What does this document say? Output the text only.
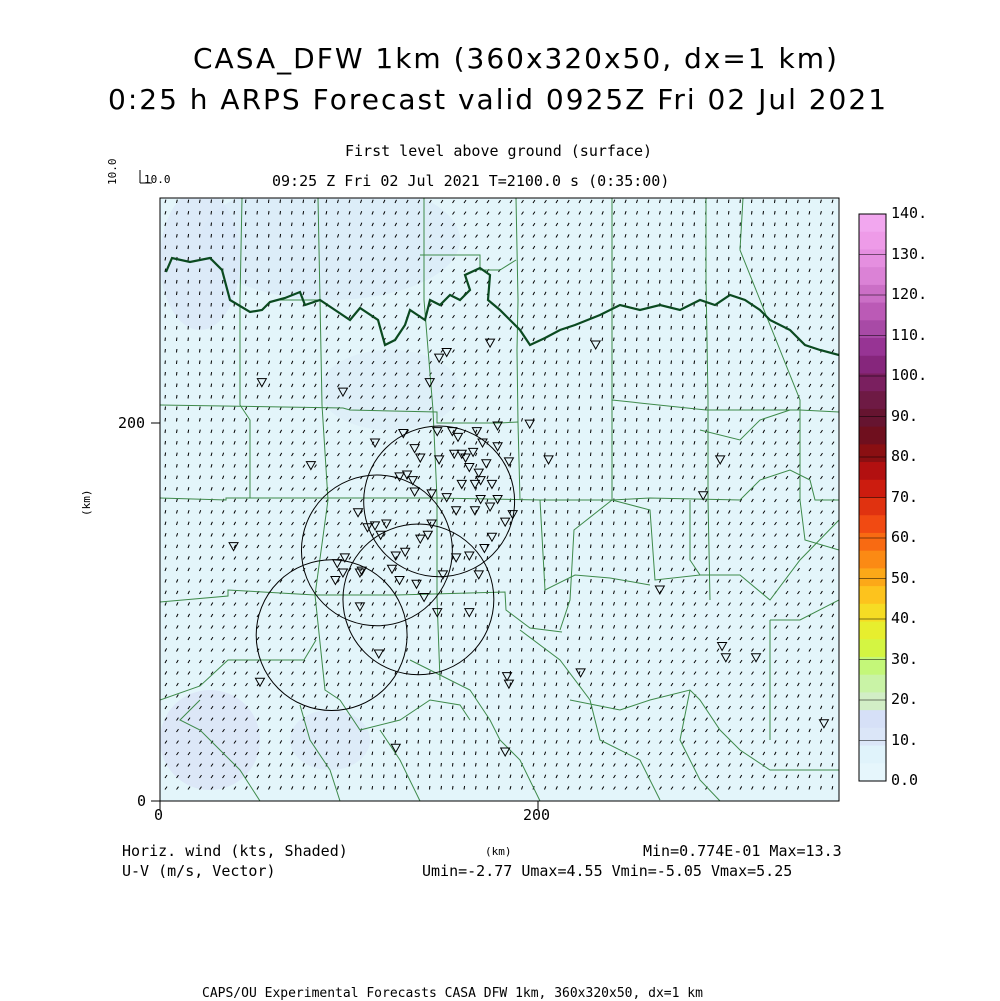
CASA_DFW 1km (360x320x50, dx=1 km)
0:25 h ARPS Forecast valid 0925Z Fri 02 Jul 2021
First level above ground (surface)
09:25 Z Fri 02 Jul 2021 T=2100.0 s (0:35:00)
10.0 10.0
0	200
0
200
(km)
(km)
140.
130.
120.
110.
100.
90.
80.
70.
60.
50.
40.
30.
20.
10.
0.0
Horiz. wind (kts, Shaded)
U-V (m/s, Vector)
Min=0.774E-01 Max=13.3
Umin=-2.77 Umax=4.55 Vmin=-5.05 Vmax=5.25
CAPS/OU Experimental Forecasts CASA DFW 1km, 360x320x50, dx=1 km
